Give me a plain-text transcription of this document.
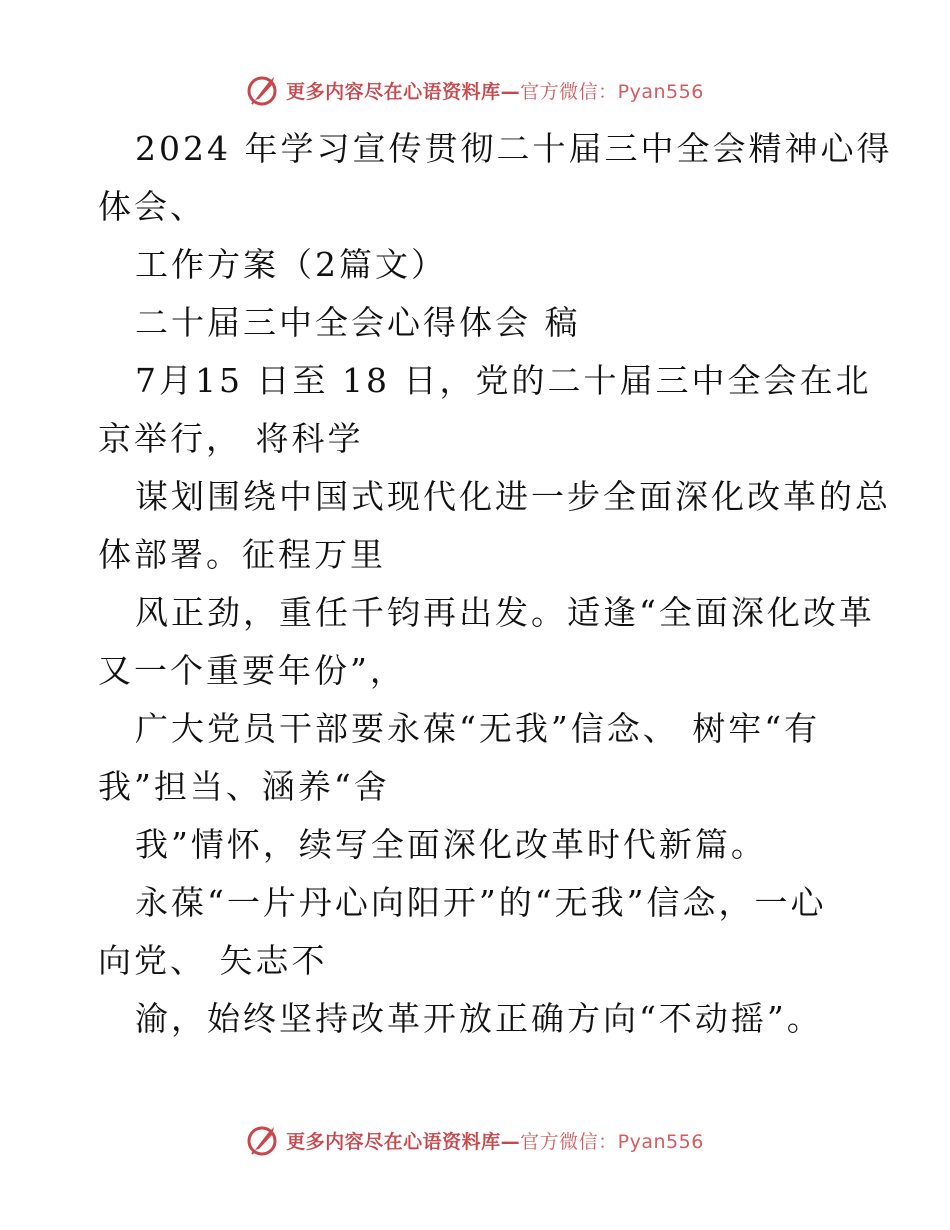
更多内容尽在心语资料库—官方微信：Pyan556

2024 年学习宣传贯彻二十届三中全会精神心得

体会、

工作方案（2篇文）

二十届三中全会心得体会 稿

7月15 日至 18 日，党的二十届三中全会在北

京举行， 将科学

谋划围绕中国式现代化进一步全面深化改革的总

体部署。征程万里

风正劲，重任千钧再出发。适逢“全面深化改革

又一个重要年份”，

广大党员干部要永葆“无我”信念、 树牢“有

我”担当、涵养“舍

我”情怀，续写全面深化改革时代新篇。

永葆“一片丹心向阳开”的“无我”信念，一心

向党、 矢志不

渝，始终坚持改革开放正确方向“不动摇”。

更多内容尽在心语资料库—官方微信：Pyan556
